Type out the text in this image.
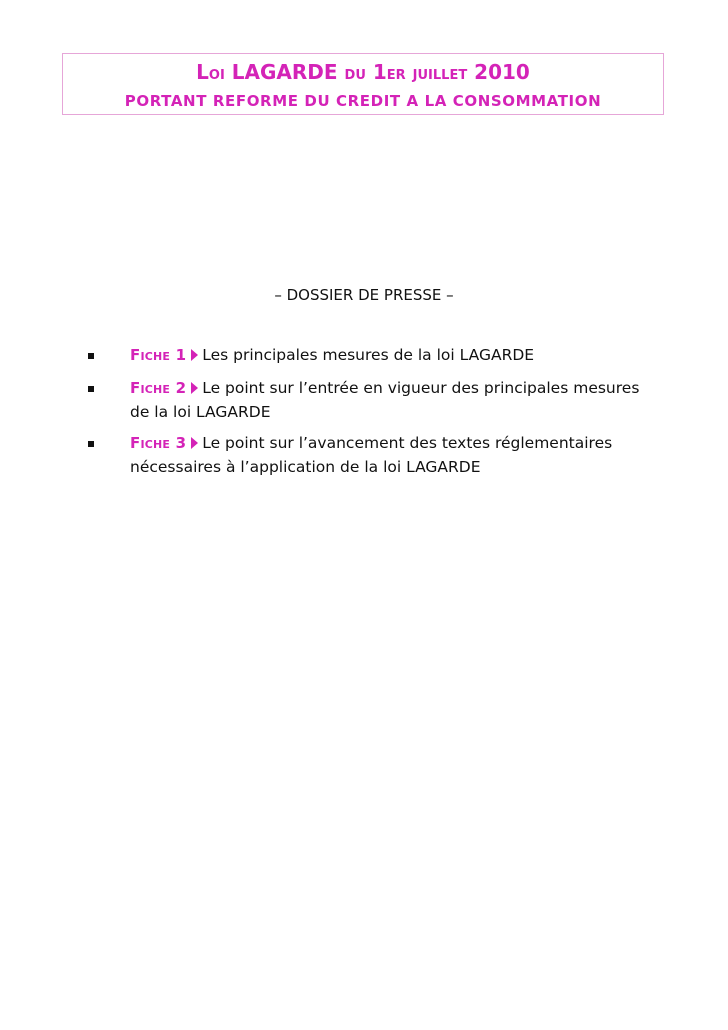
LOI LAGARDE DU 1ER JUILLET 2010
PORTANT REFORME DU CREDIT A LA CONSOMMATION
– DOSSIER DE PRESSE –
FICHE 1 Les principales mesures de la loi LAGARDE
FICHE 2 Le point sur l’entrée en vigueur des principales mesures de la loi LAGARDE
FICHE 3 Le point sur l’avancement des textes réglementaires nécessaires à l’application de la loi LAGARDE
